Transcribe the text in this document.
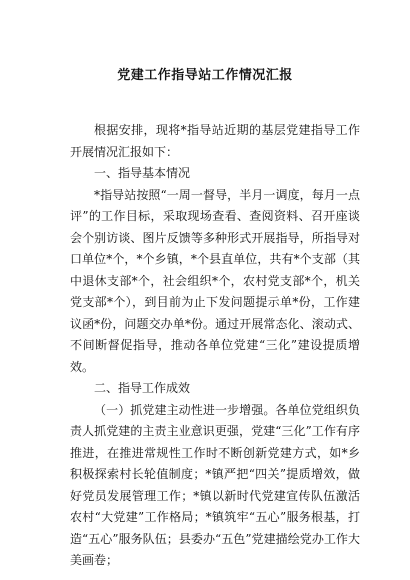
党建工作指导站工作情况汇报

根据安排，现将*指导站近期的基层党建指导工作开展情况汇报如下：

一、指导基本情况

*指导站按照“一周一督导，半月一调度，每月一点评”的工作目标，采取现场查看、查阅资料、召开座谈会个别访谈、图片反馈等多种形式开展指导，所指导对口单位*个，*个乡镇，*个县直单位，共有*个支部（其中退休支部*个，社会组织*个，农村党支部*个，机关党支部*个），到目前为止下发问题提示单*份，工作建议函*份，问题交办单*份。通过开展常态化、滚动式、不间断督促指导，推动各单位党建“三化”建设提质增效。

二、指导工作成效

（一）抓党建主动性进一步增强。各单位党组织负责人抓党建的主责主业意识更强，党建“三化”工作有序推进，在推进常规性工作时不断创新党建方式，如*乡积极探索村长轮值制度；*镇严把“四关”提质增效，做好党员发展管理工作；*镇以新时代党建宣传队伍激活农村“大党建”工作格局；*镇筑牢“五心”服务根基，打造“五心”服务队伍；县委办“五色”党建描绘党办工作大美画卷；
